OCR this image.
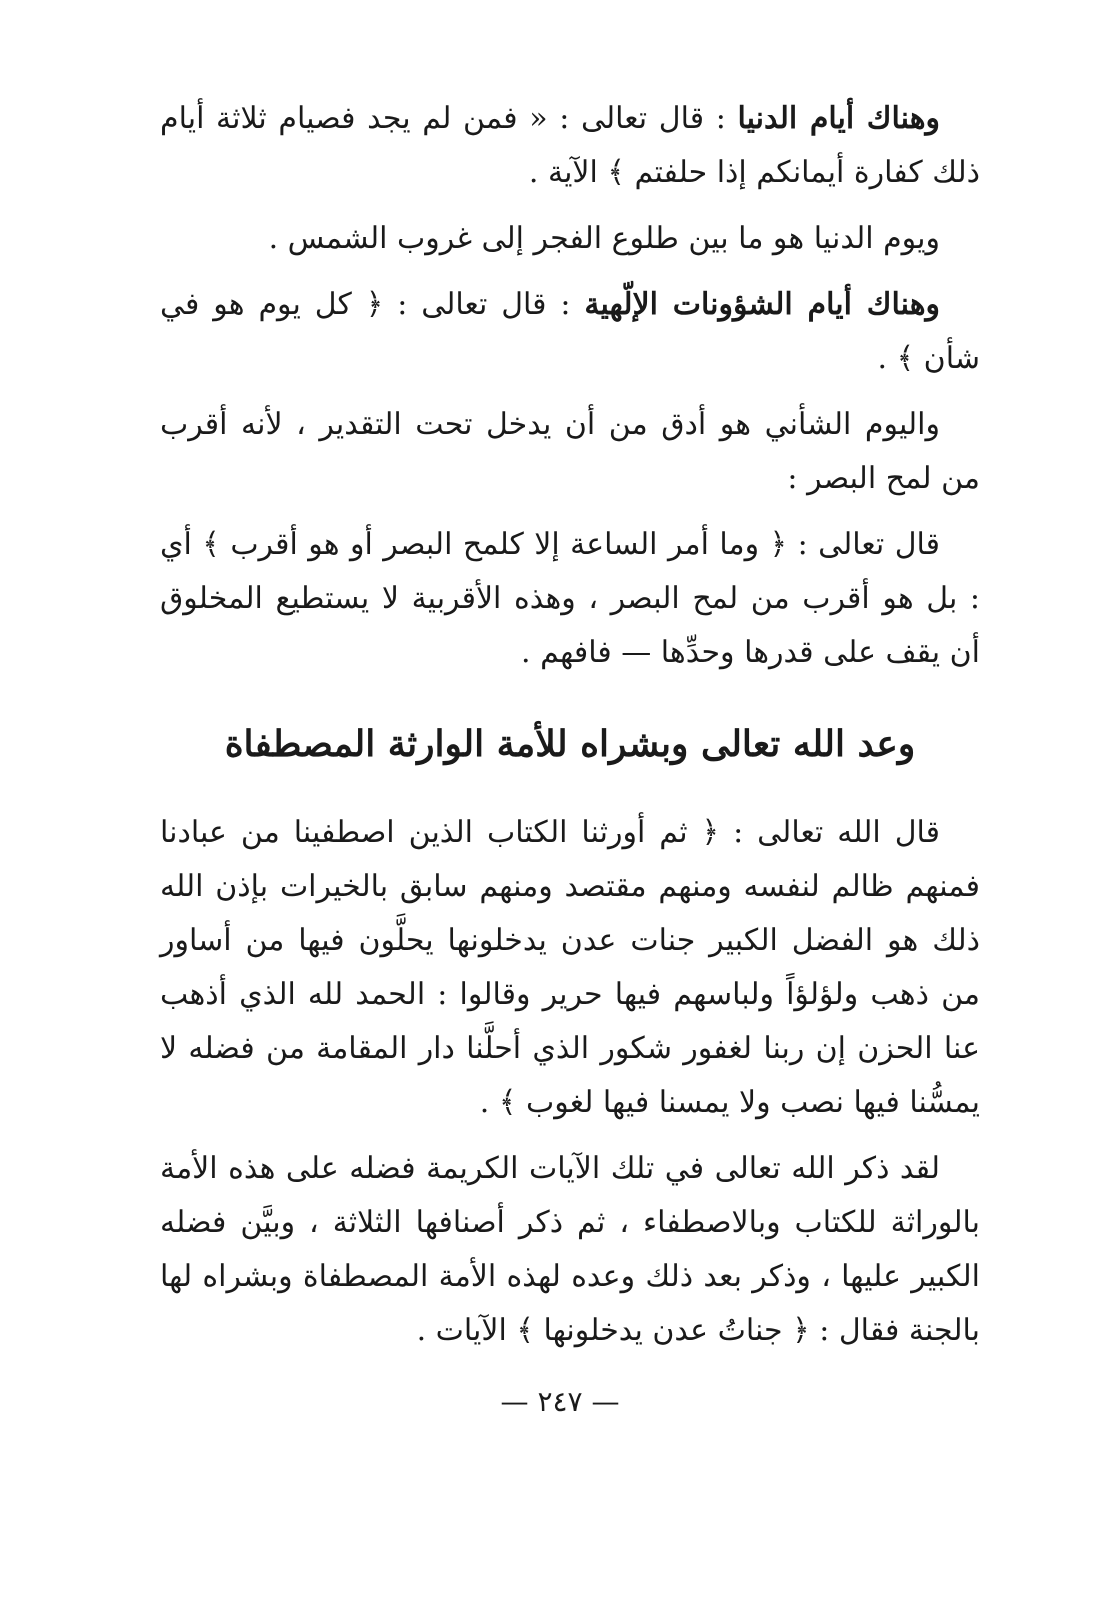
وهناك أيام الدنيا : قال تعالى : « فمن لم يجد فصيام ثلاثة أيام ذلك كفارة أيمانكم إذا حلفتم ﴾ الآية .

ويوم الدنيا هو ما بين طلوع الفجر إلى غروب الشمس .

وهناك أيام الشؤونات الإلّهية : قال تعالى : ﴿ كل يوم هو في شأن ﴾ .

واليوم الشأني هو أدق من أن يدخل تحت التقدير ، لأنه أقرب من لمح البصر :

قال تعالى : ﴿ وما أمر الساعة إلا كلمح البصر أو هو أقرب ﴾ أي : بل هو أقرب من لمح البصر ، وهذه الأقربية لا يستطيع المخلوق أن يقف على قدرها وحدِّها — فافهم .

وعد الله تعالى وبشراه للأمة الوارثة المصطفاة

قال الله تعالى : ﴿ ثم أورثنا الكتاب الذين اصطفينا من عبادنا فمنهم ظالم لنفسه ومنهم مقتصد ومنهم سابق بالخيرات بإذن الله ذلك هو الفضل الكبير جنات عدن يدخلونها يحلَّون فيها من أساور من ذهب ولؤلؤاً ولباسهم فيها حرير وقالوا : الحمد لله الذي أذهب عنا الحزن إن ربنا لغفور شكور الذي أحلَّنا دار المقامة من فضله لا يمسُّنا فيها نصب ولا يمسنا فيها لغوب ﴾ .

لقد ذكر الله تعالى في تلك الآيات الكريمة فضله على هذه الأمة بالوراثة للكتاب وبالاصطفاء ، ثم ذكر أصنافها الثلاثة ، وبيَّن فضله الكبير عليها ، وذكر بعد ذلك وعده لهذه الأمة المصطفاة وبشراه لها بالجنة فقال : ﴿ جناتُ عدن يدخلونها ﴾ الآيات .

— ٢٤٧ —
